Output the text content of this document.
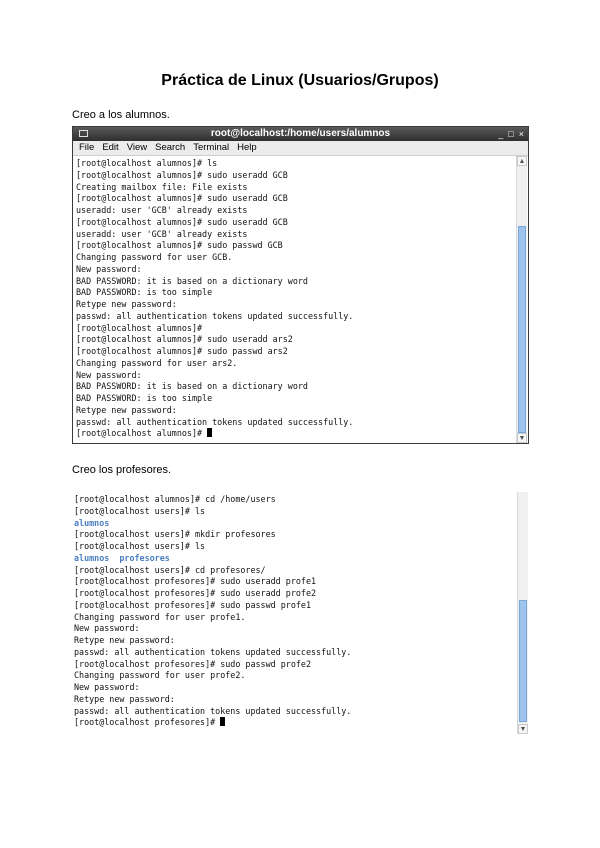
Práctica de Linux (Usuarios/Grupos)

Creo a los alumnos.

root@localhost:/home/users/alumnos	_ □ ×
File Edit View Search Terminal Help
[root@localhost alumnos]# ls
[root@localhost alumnos]# sudo useradd GCB
Creating mailbox file: File exists
[root@localhost alumnos]# sudo useradd GCB
useradd: user 'GCB' already exists
[root@localhost alumnos]# sudo useradd GCB
useradd: user 'GCB' already exists
[root@localhost alumnos]# sudo passwd GCB
Changing password for user GCB.
New password:
BAD PASSWORD: it is based on a dictionary word
BAD PASSWORD: is too simple
Retype new password:
passwd: all authentication tokens updated successfully.
[root@localhost alumnos]#
[root@localhost alumnos]# sudo useradd ars2
[root@localhost alumnos]# sudo passwd ars2
Changing password for user ars2.
New password:
BAD PASSWORD: it is based on a dictionary word
BAD PASSWORD: is too simple
Retype new password:
passwd: all authentication tokens updated successfully.
[root@localhost alumnos]#
▲
▼

Creo los profesores.

[root@localhost alumnos]# cd /home/users
[root@localhost users]# ls
alumnos
[root@localhost users]# mkdir profesores
[root@localhost users]# ls
alumnos profesores
[root@localhost users]# cd profesores/
[root@localhost profesores]# sudo useradd profe1
[root@localhost profesores]# sudo useradd profe2
[root@localhost profesores]# sudo passwd profe1
Changing password for user profe1.
New password:
Retype new password:
passwd: all authentication tokens updated successfully.
[root@localhost profesores]# sudo passwd profe2
Changing password for user profe2.
New password:
Retype new password:
passwd: all authentication tokens updated successfully.
[root@localhost profesores]#
▼
